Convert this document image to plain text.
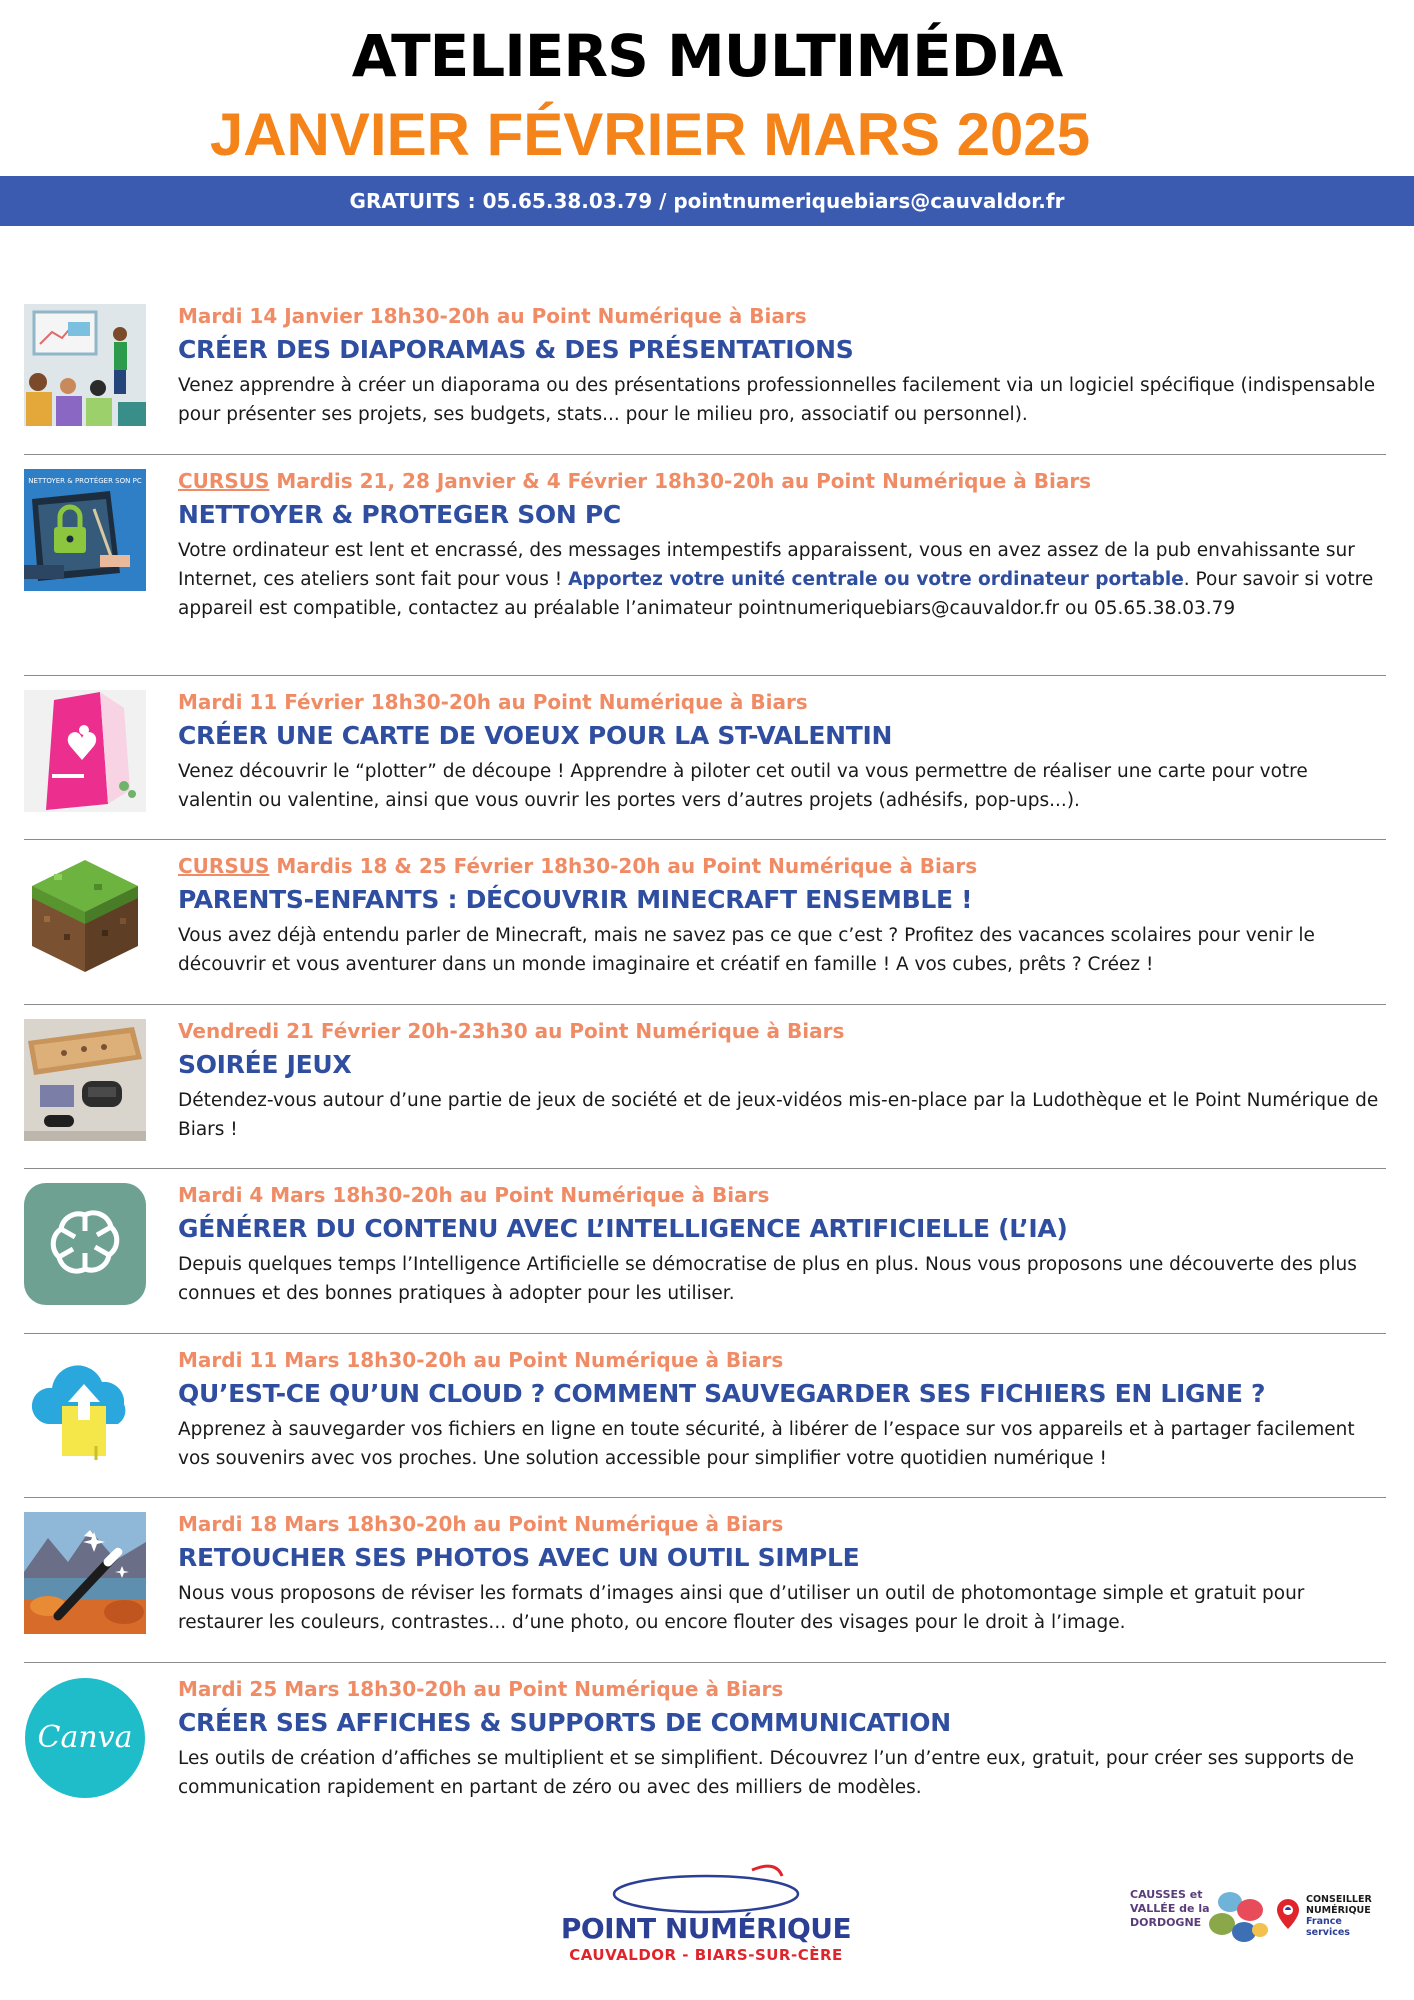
ATELIERS MULTIMÉDIA
JANVIER FÉVRIER MARS 2025
GRATUITS : 05.65.38.03.79 / pointnumeriquebiars@cauvaldor.fr
Mardi 14 Janvier 18h30-20h au Point Numérique à Biars
CRÉER DES DIAPORAMAS & DES PRÉSENTATIONS
Venez apprendre à créer un diaporama ou des présentations professionnelles facilement via un logiciel spécifique (indispensable pour présenter ses projets, ses budgets, stats... pour le milieu pro, associatif ou personnel).
NETTOYER & PROTÉGER SON PC CURSUS Mardis 21, 28 Janvier & 4 Février 18h30-20h au Point Numérique à Biars
NETTOYER & PROTEGER SON PC
Votre ordinateur est lent et encrassé, des messages intempestifs apparaissent, vous en avez assez de la pub envahissante sur Internet, ces ateliers sont fait pour vous ! Apportez votre unité centrale ou votre ordinateur portable. Pour savoir si votre appareil est compatible, contactez au préalable l’animateur pointnumeriquebiars@cauvaldor.fr ou 05.65.38.03.79
Mardi 11 Février 18h30-20h au Point Numérique à Biars
CRÉER UNE CARTE DE VOEUX POUR LA ST-VALENTIN
Venez découvrir le “plotter” de découpe ! Apprendre à piloter cet outil va vous permettre de réaliser une carte pour votre valentin ou valentine, ainsi que vous ouvrir les portes vers d’autres projets (adhésifs, pop-ups...).
CURSUS Mardis 18 & 25 Février 18h30-20h au Point Numérique à Biars
PARENTS-ENFANTS : DÉCOUVRIR MINECRAFT ENSEMBLE !
Vous avez déjà entendu parler de Minecraft, mais ne savez pas ce que c’est ? Profitez des vacances scolaires pour venir le découvrir et vous aventurer dans un monde imaginaire et créatif en famille ! A vos cubes, prêts ? Créez !
Vendredi 21 Février 20h-23h30 au Point Numérique à Biars
SOIRÉE JEUX
Détendez-vous autour d’une partie de jeux de société et de jeux-vidéos mis-en-place par la Ludothèque et le Point Numérique de Biars !
Mardi 4 Mars 18h30-20h au Point Numérique à Biars
GÉNÉRER DU CONTENU AVEC L’INTELLIGENCE ARTIFICIELLE (L’IA)
Depuis quelques temps l’Intelligence Artificielle se démocratise de plus en plus. Nous vous proposons une découverte des plus connues et des bonnes pratiques à adopter pour les utiliser.
Mardi 11 Mars 18h30-20h au Point Numérique à Biars
QU’EST-CE QU’UN CLOUD ? COMMENT SAUVEGARDER SES FICHIERS EN LIGNE ?
Apprenez à sauvegarder vos fichiers en ligne en toute sécurité, à libérer de l’espace sur vos appareils et à partager facilement vos souvenirs avec vos proches. Une solution accessible pour simplifier votre quotidien numérique !
Mardi 18 Mars 18h30-20h au Point Numérique à Biars
RETOUCHER SES PHOTOS AVEC UN OUTIL SIMPLE
Nous vous proposons de réviser les formats d’images ainsi que d’utiliser un outil de photomontage simple et gratuit pour restaurer les couleurs, contrastes... d’une photo, ou encore flouter des visages pour le droit à l’image.
Canva
Mardi 25 Mars 18h30-20h au Point Numérique à Biars
CRÉER SES AFFICHES & SUPPORTS DE COMMUNICATION
Les outils de création d’affiches se multiplient et se simplifient. Découvrez l’un d’entre eux, gratuit, pour créer ses supports de communication rapidement en partant de zéro ou avec des milliers de modèles.
POINT NUMÉRIQUE
CAUVALDOR - BIARS-SUR-CÈRE
CAUSSES et
VALLÉE de la
DORDOGNE
CONSEILLER
NUMÉRIQUE
France
services
